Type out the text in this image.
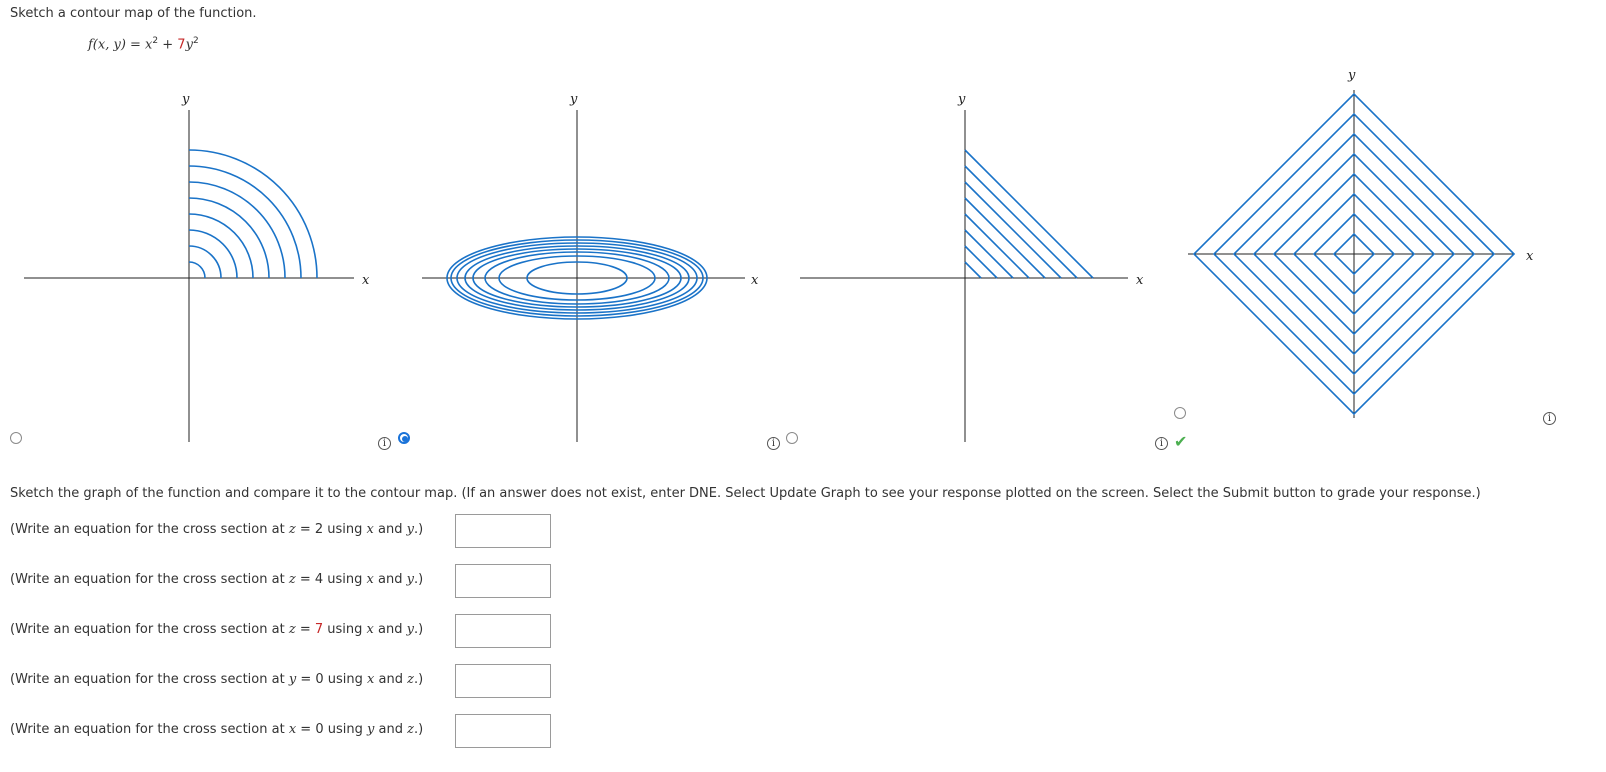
Sketch a contour map of the function.
f(x, $y) = x^2 + 7y^2$
x
y
x
y
x
y
x
y
i	i	i ✔
i
Sketch the graph of the function and compare it to the contour map. (If an answer does not exist, enter DNE. Select Update Graph to see your response plotted on the screen. Select the Submit button to grade your response.)
(Write an equation for the cross section at z = 2 using x and y.)
(Write an equation for the cross section at z = 4 using x and y.)
(Write an equation for the cross section at z = 7 using x and y.)
(Write an equation for the cross section at y = 0 using x and z.)
(Write an equation for the cross section at x = 0 using y and z.)
